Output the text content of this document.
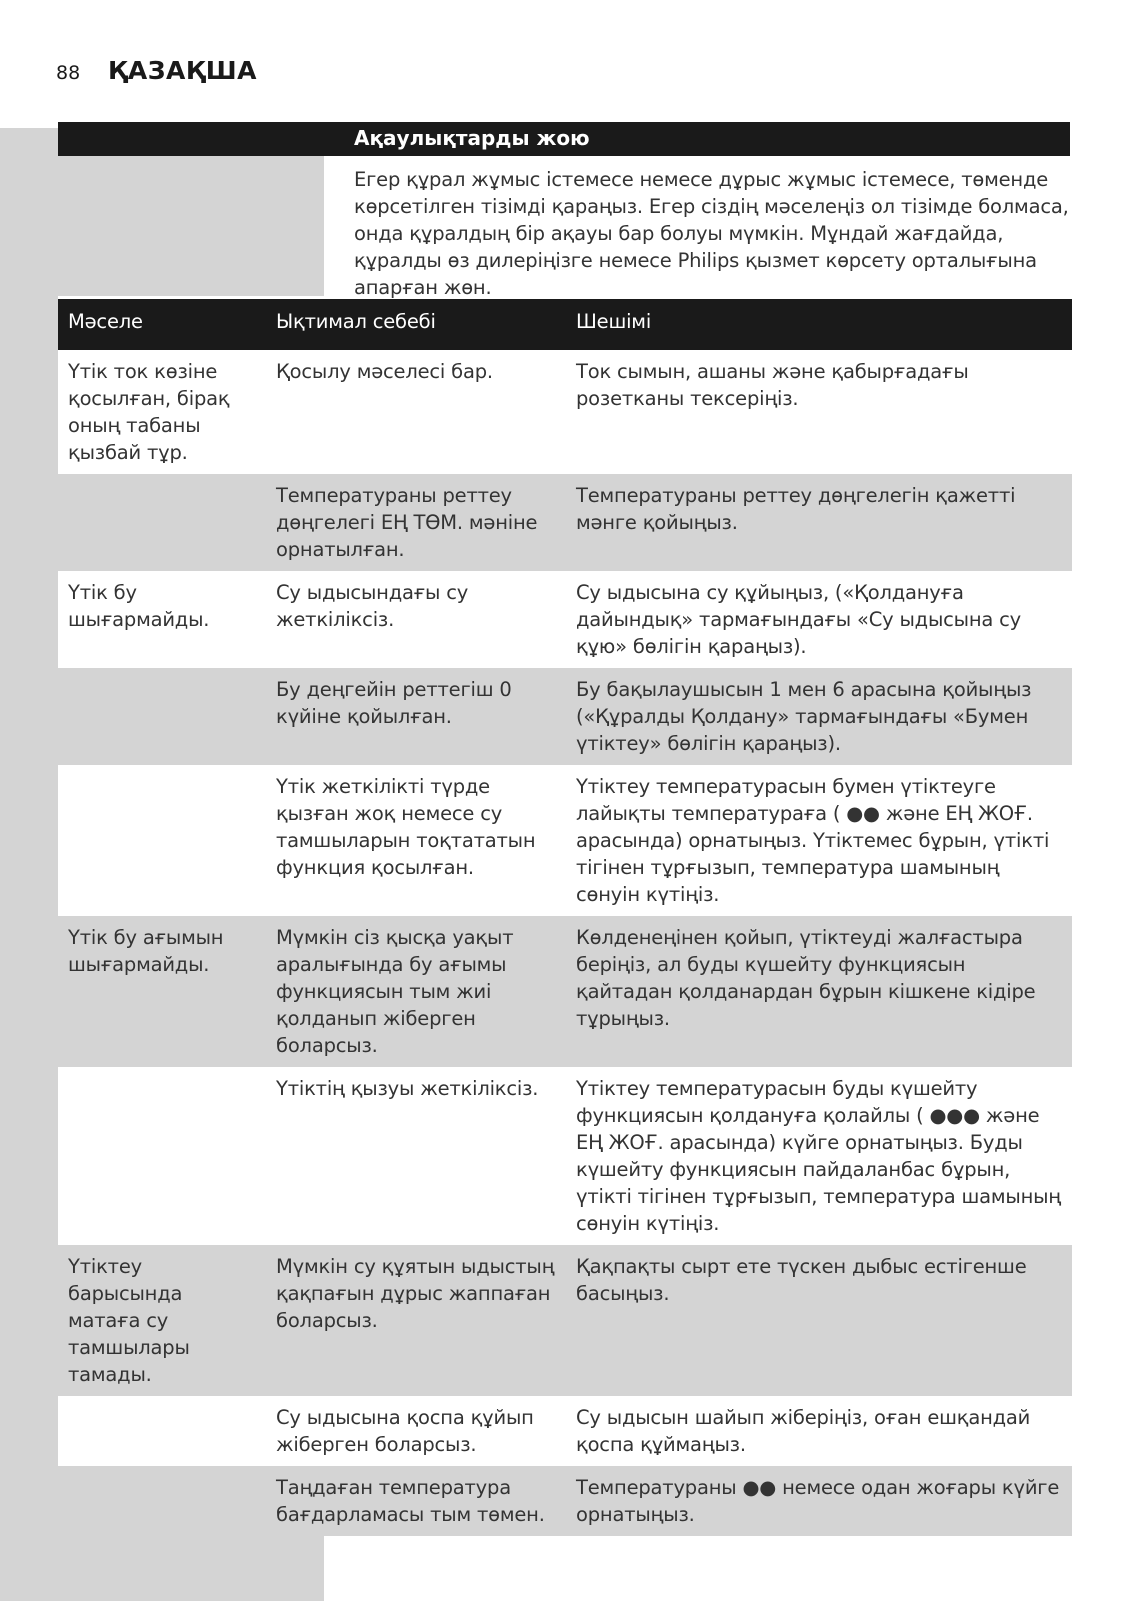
88 ҚАЗАҚША
Ақаулықтарды жою
Егер құрал жұмыс істемесе немесе дұрыс жұмыс істемесе, төменде көрсетілген тізімді қараңыз. Егер сіздің мәселеңіз ол тізімде болмаса, онда құралдың бір ақауы бар болуы мүмкін. Мұндай жағдайда, құралды өз дилеріңізге немесе Philips қызмет көрсету орталығына апарған жөн.
Мәселе	Ықтимал себебі	Шешімі
Үтік ток көзіне қосылған, бірақ оның табаны қызбай тұр.	Қосылу мәселесі бар.	Ток сымын, ашаны және қабырғадағы розетканы тексеріңіз.
	Температураны реттеу дөңгелегі ЕҢ ТӨМ. мәніне орнатылған.	Температураны реттеу дөңгелегін қажетті мәнге қойыңыз.
Үтік бу шығармайды.	Су ыдысындағы су жеткіліксіз.	Су ыдысына су құйыңыз, («Қолдануға дайындық» тармағындағы «Су ыдысына су құю» бөлігін қараңыз).
	Бу деңгейін реттегіш 0 күйіне қойылған.	Бу бақылаушысын 1 мен 6 арасына қойыңыз («Құралды Қолдану» тармағындағы «Бумен үтіктеу» бөлігін қараңыз).
	Үтік жеткілікті түрде қызған жоқ немесе су тамшыларын тоқтататын функция қосылған.	Үтіктеу температурасын бумен үтіктеуге лайықты температураға ( ●● және ЕҢ ЖОҒ. арасында) орнатыңыз. Үтіктемес бұрын, үтікті тігінен тұрғызып, температура шамының сөнуін күтіңіз.
Үтік бу ағымын шығармайды.	Мүмкін сіз қысқа уақыт аралығында бу ағымы функциясын тым жиі қолданып жіберген боларсыз.	Көлденеңінен қойып, үтіктеуді жалғастыра беріңіз, ал буды күшейту функциясын қайтадан қолданардан бұрын кішкене кідіре тұрыңыз.
	Үтіктің қызуы жеткіліксіз.	Үтіктеу температурасын буды күшейту функциясын қолдануға қолайлы ( ●●● және ЕҢ ЖОҒ. арасында) күйге орнатыңыз. Буды күшейту функциясын пайдаланбас бұрын, үтікті тігінен тұрғызып, температура шамының сөнуін күтіңіз.
Үтіктеу барысында матаға су тамшылары тамады.	Мүмкін су құятын ыдыстың қақпағын дұрыс жаппаған боларсыз.	Қақпақты сырт ете түскен дыбыс естігенше басыңыз.
	Су ыдысына қоспа құйып жіберген боларсыз.	Су ыдысын шайып жіберіңіз, оған ешқандай қоспа құймаңыз.
	Таңдаған температура бағдарламасы тым төмен.	Температураны ●● немесе одан жоғары күйге орнатыңыз.
